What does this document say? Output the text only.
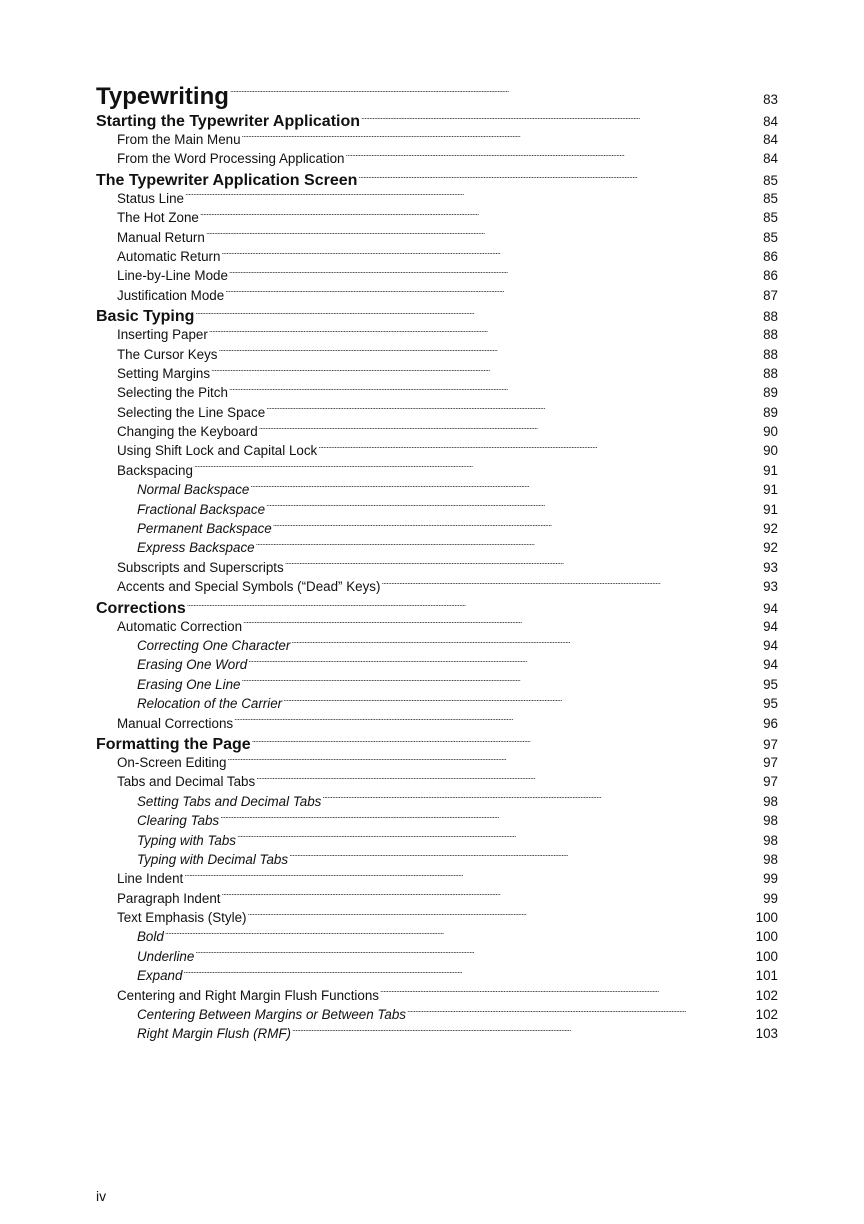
Typewriting . . .	83
Starting the Typewriter Application . . .	84
From the Main Menu . . .	84
From the Word Processing Application . . .	84
The Typewriter Application Screen . . .	85
Status Line . . .	85
The Hot Zone . . .	85
Manual Return . . .	85
Automatic Return . . .	86
Line-by-Line Mode . . .	86
Justification Mode . . .	87
Basic Typing . . .	88
Inserting Paper . . .	88
The Cursor Keys . . .	88
Setting Margins . . .	88
Selecting the Pitch . . .	89
Selecting the Line Space . . .	89
Changing the Keyboard . . .	90
Using Shift Lock and Capital Lock . . .	90
Backspacing . . .	91
Normal Backspace . . .	91
Fractional Backspace . . .	91
Permanent Backspace . . .	92
Express Backspace . . .	92
Subscripts and Superscripts . . .	93
Accents and Special Symbols (“Dead” Keys) . . .	93
Corrections . . .	94
Automatic Correction . . .	94
Correcting One Character . . .	94
Erasing One Word . . .	94
Erasing One Line . . .	95
Relocation of the Carrier . . .	95
Manual Corrections . . .	96
Formatting the Page . . .	97
On-Screen Editing . . .	97
Tabs and Decimal Tabs . . .	97
Setting Tabs and Decimal Tabs . . .	98
Clearing Tabs . . .	98
Typing with Tabs . . .	98
Typing with Decimal Tabs . . .	98
Line Indent . . .	99
Paragraph Indent . . .	99
Text Emphasis (Style) . . .	100
Bold . . .	100
Underline . . .	100
Expand . . .	101
Centering and Right Margin Flush Functions . . .	102
Centering Between Margins or Between Tabs . . .	102
Right Margin Flush (RMF) . . .	103
iv
